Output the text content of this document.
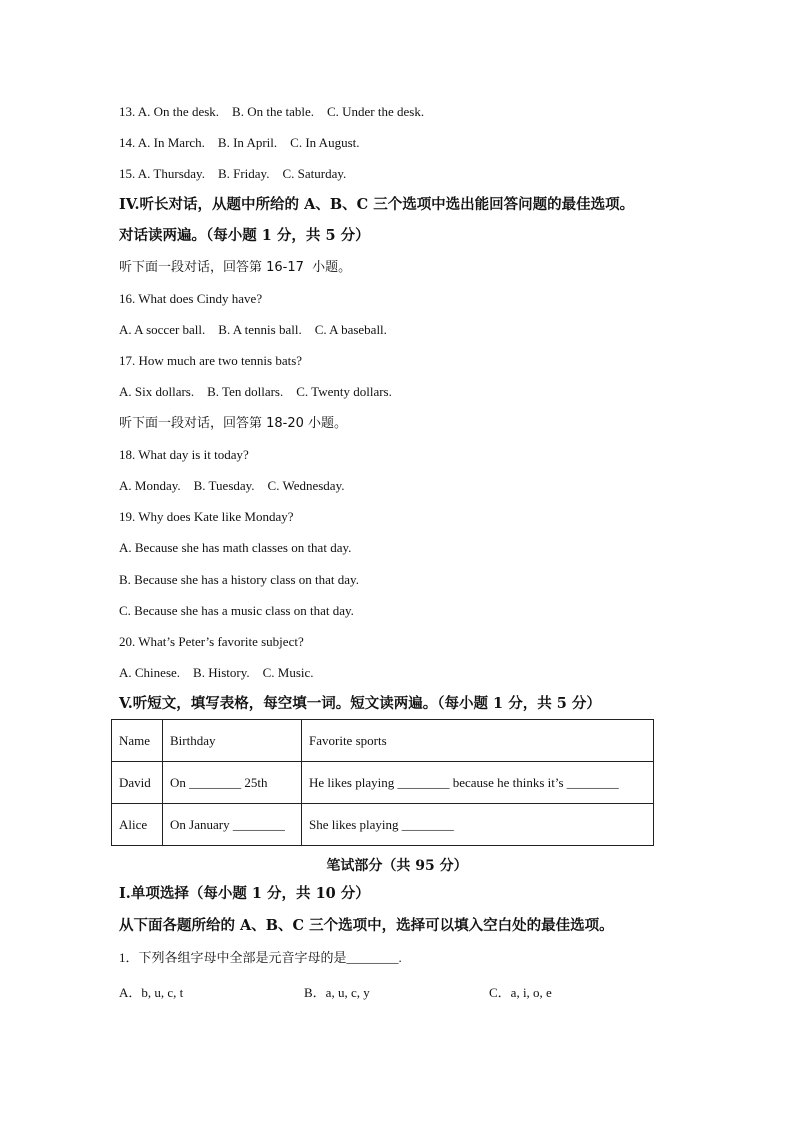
13. A. On the desk.    B. On the table.    C. Under the desk.
14. A. In March.    B. In April.    C. In August.
15. A. Thursday.    B. Friday.    C. Saturday.
IV.听长对话，从题中所给的 A、B、C 三个选项中选出能回答问题的最佳选项。
对话读两遍。（每小题 1 分，共 5 分）
听下面一段对话，回答第 16-17  小题。
16. What does Cindy have?
A. A soccer ball.    B. A tennis ball.    C. A baseball.
17. How much are two tennis bats?
A. Six dollars.    B. Ten dollars.    C. Twenty dollars.
听下面一段对话，回答第 18-20 小题。
18. What day is it today?
A. Monday.    B. Tuesday.    C. Wednesday.
19. Why does Kate like Monday?
A. Because she has math classes on that day.
B. Because she has a history class on that day.
C. Because she has a music class on that day.
20. What’s Peter’s favorite subject?
A. Chinese.    B. History.    C. Music.
V.听短文，填写表格，每空填一词。短文读两遍。（每小题 1 分，共 5 分）
Name	Birthday	Favorite sports
David	On ________ 25th	He likes playing ________ because he thinks it’s ________
Alice	On January ________	She likes playing ________
笔试部分（共 95 分）
Ⅰ.单项选择（每小题 1 分，共 10 分）
从下面各题所给的 A、B、C 三个选项中，选择可以填入空白处的最佳选项。
1．下列各组字母中全部是元音字母的是________.
A．b, u, c, t	B．a, u, c, y	C．a, i, o, e
